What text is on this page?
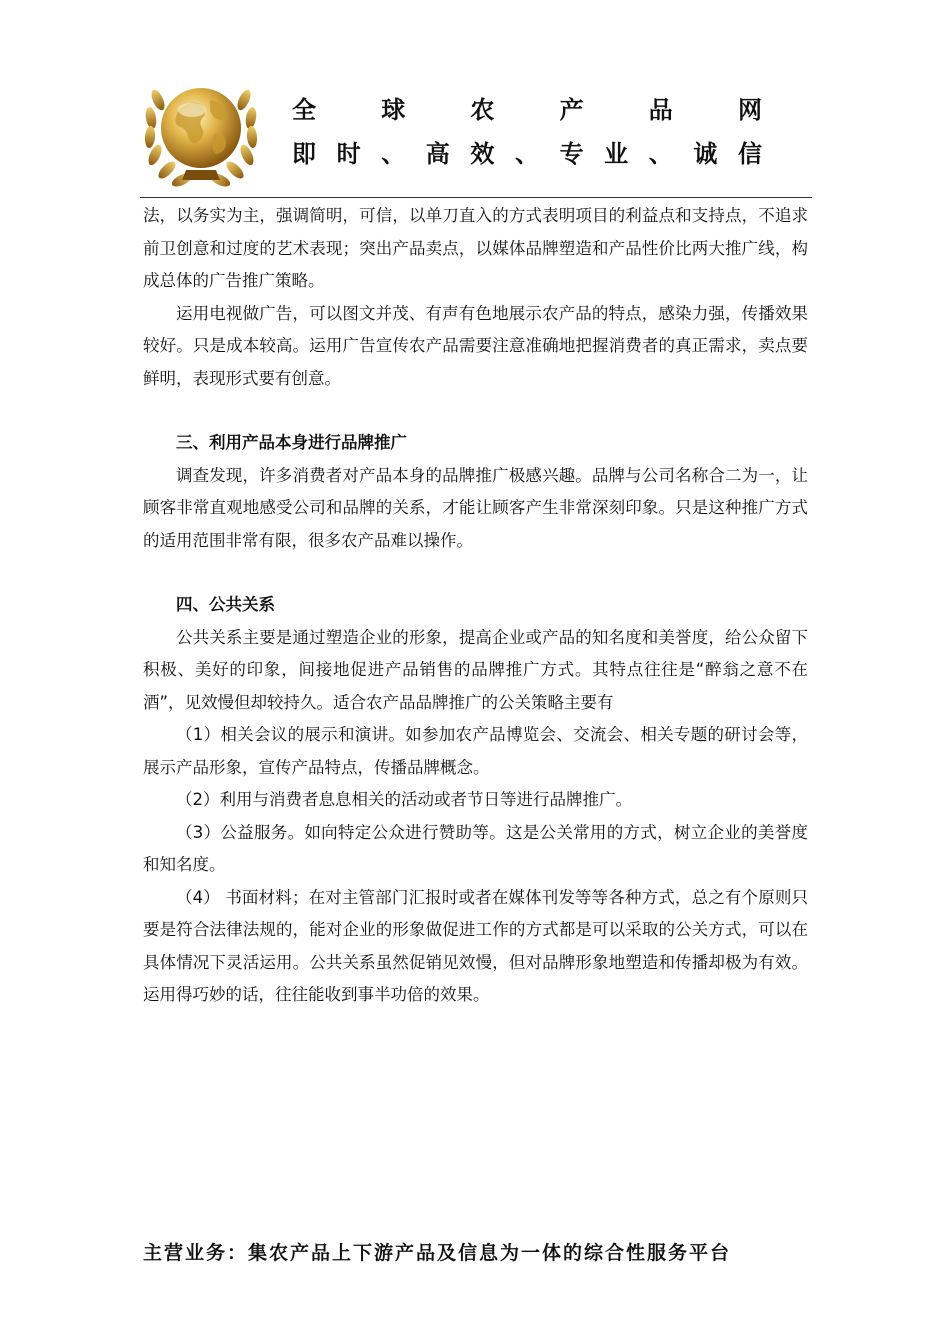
全	球	农	产	品	网
即 时 、 高 效 、 专 业 、 诚 信

法，以务实为主，强调简明，可信，以单刀直入的方式表明项目的利益点和支持点，不追求前卫创意和过度的艺术表现；突出产品卖点，以媒体品牌塑造和产品性价比两大推广线，构成总体的广告推广策略。

运用电视做广告，可以图文并茂、有声有色地展示农产品的特点，感染力强，传播效果较好。只是成本较高。运用广告宣传农产品需要注意准确地把握消费者的真正需求，卖点要鲜明，表现形式要有创意。

三、利用产品本身进行品牌推广

调查发现，许多消费者对产品本身的品牌推广极感兴趣。品牌与公司名称合二为一，让顾客非常直观地感受公司和品牌的关系，才能让顾客产生非常深刻印象。只是这种推广方式的适用范围非常有限，很多农产品难以操作。

四、公共关系

公共关系主要是通过塑造企业的形象，提高企业或产品的知名度和美誉度，给公众留下积极、美好的印象，间接地促进产品销售的品牌推广方式。其特点往往是“醉翁之意不在酒”，见效慢但却较持久。适合农产品品牌推广的公关策略主要有

（1）相关会议的展示和演讲。如参加农产品博览会、交流会、相关专题的研讨会等，展示产品形象，宣传产品特点，传播品牌概念。

（2）利用与消费者息息相关的活动或者节日等进行品牌推广。

（3）公益服务。如向特定公众进行赞助等。这是公关常用的方式，树立企业的美誉度和知名度。

（4） 书面材料；在对主管部门汇报时或者在媒体刊发等等各种方式，总之有个原则只要是符合法律法规的，能对企业的形象做促进工作的方式都是可以采取的公关方式，可以在具体情况下灵活运用。公共关系虽然促销见效慢，但对品牌形象地塑造和传播却极为有效。运用得巧妙的话，往往能收到事半功倍的效果。

主营业务：集农产品上下游产品及信息为一体的综合性服务平台
